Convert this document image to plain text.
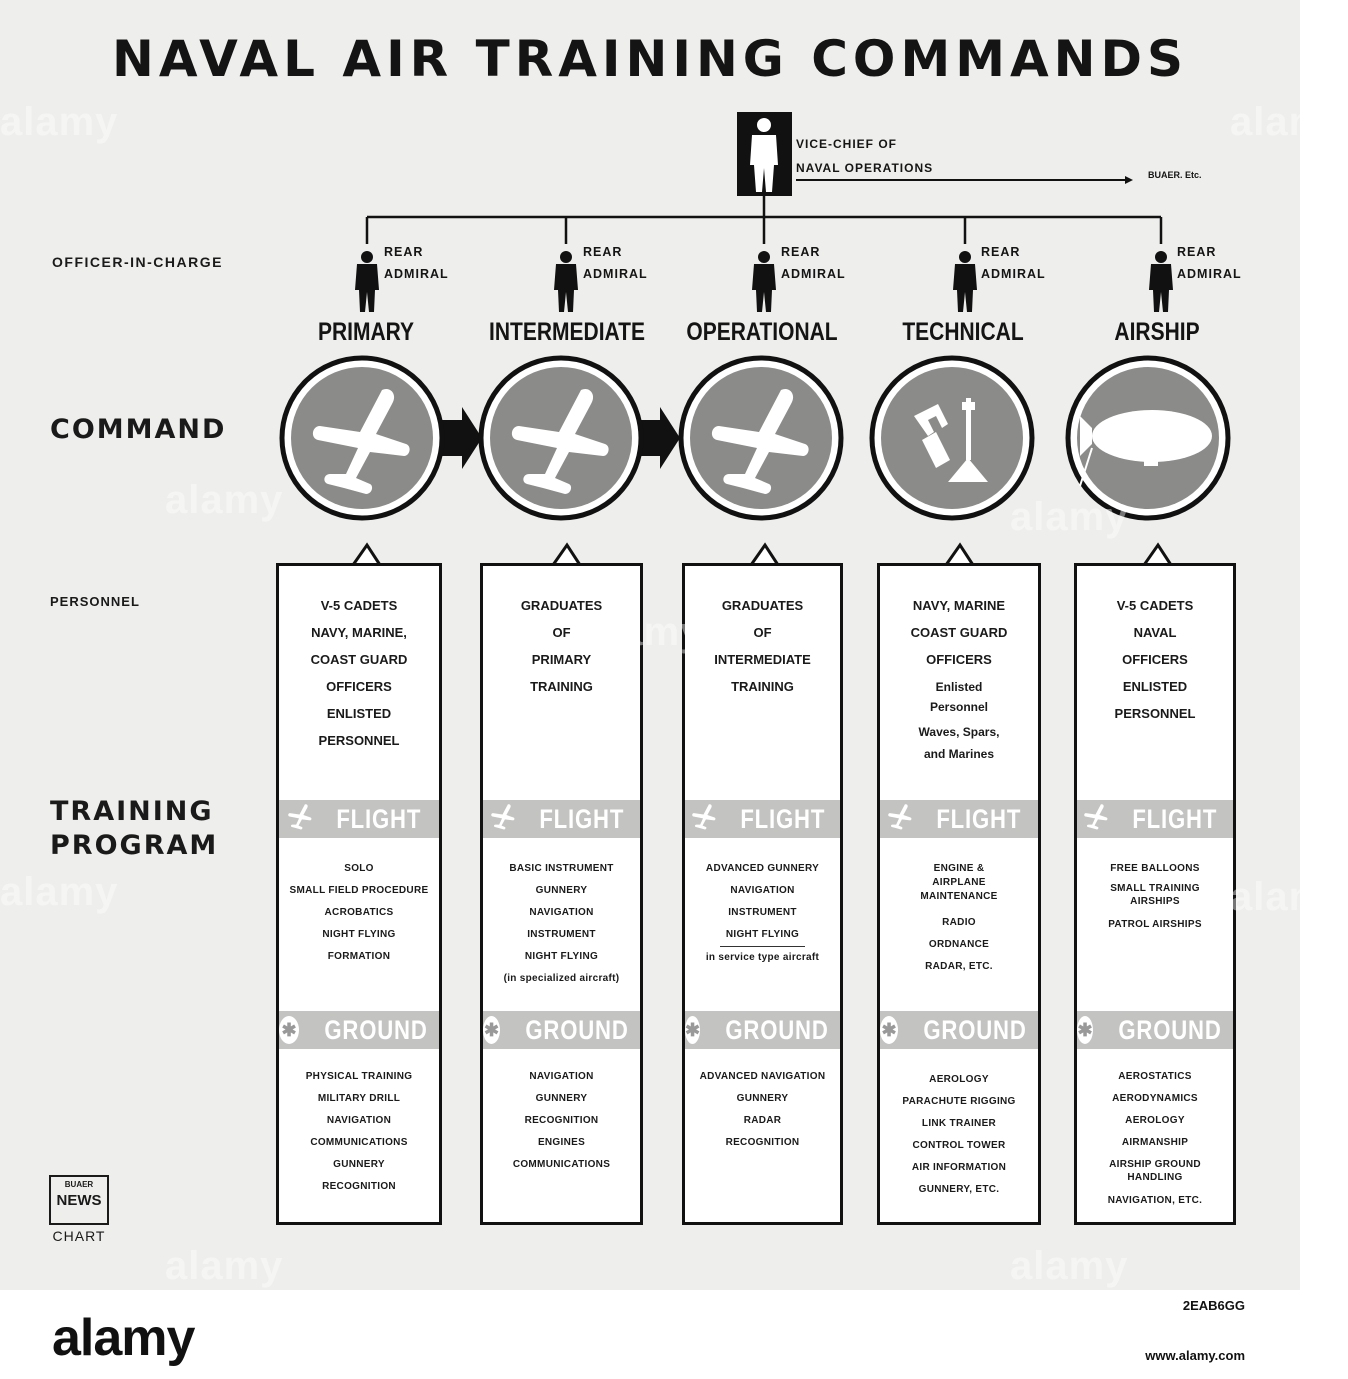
NAVAL AIR TRAINING COMMANDS
VICE-CHIEF OF
NAVAL OPERATIONS	BUAER. Etc.
OFFICER-IN-CHARGE
COMMAND
PERSONNEL
TRAINING
PROGRAM
REAR
ADMIRAL
REAR
ADMIRAL
REAR
ADMIRAL
REAR
ADMIRAL
REAR
ADMIRAL
PRIMARY	INTERMEDIATE	OPERATIONAL	TECHNICAL	AIRSHIP
V-5 CADETS
NAVY, MARINE,
COAST GUARD
OFFICERS
ENLISTED
PERSONNEL
FLIGHT
SOLO
SMALL FIELD PROCEDURE
ACROBATICS
NIGHT FLYING
FORMATION
✱ GROUND
PHYSICAL TRAINING
MILITARY DRILL
NAVIGATION
COMMUNICATIONS
GUNNERY
RECOGNITION
GRADUATES
OF
PRIMARY
TRAINING
FLIGHT
BASIC INSTRUMENT
GUNNERY
NAVIGATION
INSTRUMENT
NIGHT FLYING
(in specialized aircraft)
✱ GROUND
NAVIGATION
GUNNERY
RECOGNITION
ENGINES
COMMUNICATIONS
GRADUATES
OF
INTERMEDIATE
TRAINING
FLIGHT
ADVANCED GUNNERY
NAVIGATION
INSTRUMENT
NIGHT FLYING
in service type aircraft
✱ GROUND
ADVANCED NAVIGATION
GUNNERY
RADAR
RECOGNITION
NAVY, MARINE
COAST GUARD
OFFICERS
Enlisted Personnel
Waves, Spars,
and Marines
FLIGHT
ENGINE & AIRPLANE MAINTENANCE
RADIO
ORDNANCE
RADAR, ETC.
✱ GROUND
AEROLOGY
PARACHUTE RIGGING
LINK TRAINER
CONTROL TOWER
AIR INFORMATION
GUNNERY, ETC.
V-5 CADETS
NAVAL
OFFICERS
ENLISTED
PERSONNEL
FLIGHT
FREE BALLOONS
SMALL TRAINING AIRSHIPS
PATROL AIRSHIPS
✱ GROUND
AEROSTATICS
AERODYNAMICS
AEROLOGY
AIRMANSHIP
AIRSHIP GROUND HANDLING
NAVIGATION, ETC.
BUAER
NEWS
CHART
alamy	alamy
alamy	alamy
alamy
alamy	alamy
alamy	alamy
alamy
2EAB6GG
www.alamy.com
